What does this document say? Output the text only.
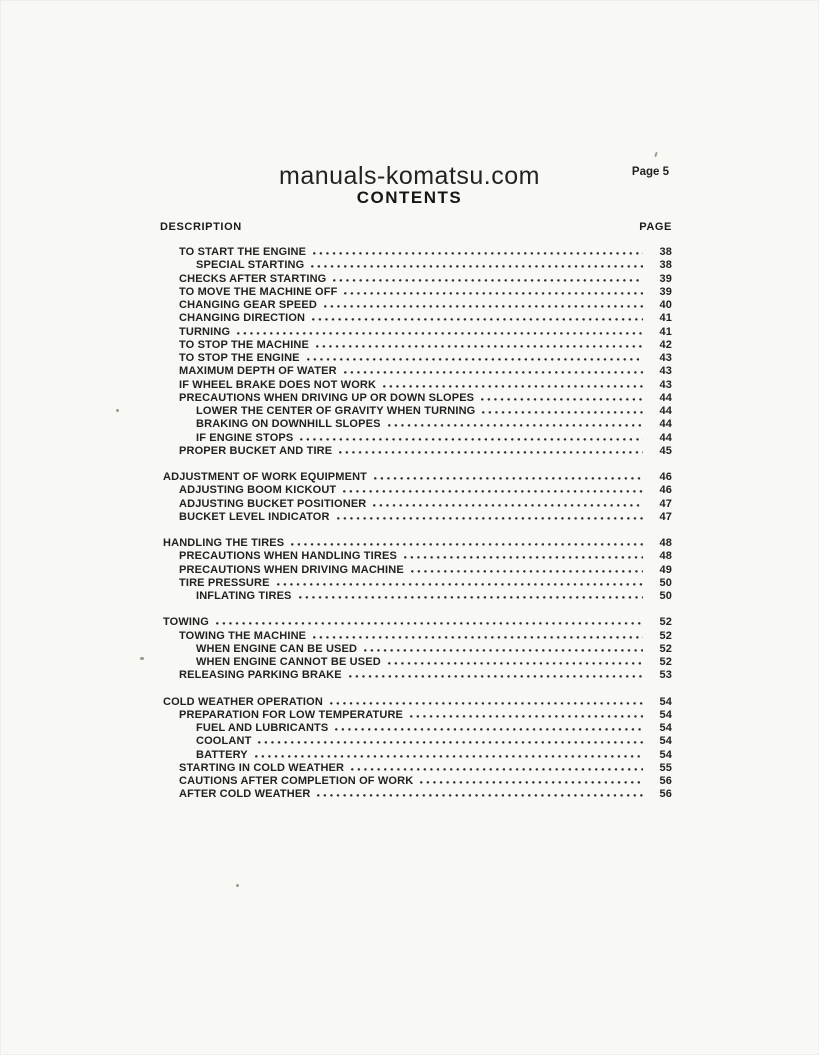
manuals-komatsu.com	Page 5
CONTENTS
DESCRIPTION	PAGE
TO START THE ENGINE	38
SPECIAL STARTING	38
CHECKS AFTER STARTING	39
TO MOVE THE MACHINE OFF	39
CHANGING GEAR SPEED	40
CHANGING DIRECTION	41
TURNING	41
TO STOP THE MACHINE	42
TO STOP THE ENGINE	43
MAXIMUM DEPTH OF WATER	43
IF WHEEL BRAKE DOES NOT WORK	43
PRECAUTIONS WHEN DRIVING UP OR DOWN SLOPES	44
LOWER THE CENTER OF GRAVITY WHEN TURNING	44
BRAKING ON DOWNHILL SLOPES	44
IF ENGINE STOPS	44
PROPER BUCKET AND TIRE	45
ADJUSTMENT OF WORK EQUIPMENT	46
ADJUSTING BOOM KICKOUT	46
ADJUSTING BUCKET POSITIONER	47
BUCKET LEVEL INDICATOR	47
HANDLING THE TIRES	48
PRECAUTIONS WHEN HANDLING TIRES	48
PRECAUTIONS WHEN DRIVING MACHINE	49
TIRE PRESSURE	50
INFLATING TIRES	50
TOWING	52
TOWING THE MACHINE	52
WHEN ENGINE CAN BE USED	52
WHEN ENGINE CANNOT BE USED	52
RELEASING PARKING BRAKE	53
COLD WEATHER OPERATION	54
PREPARATION FOR LOW TEMPERATURE	54
FUEL AND LUBRICANTS	54
COOLANT	54
BATTERY	54
STARTING IN COLD WEATHER	55
CAUTIONS AFTER COMPLETION OF WORK	56
AFTER COLD WEATHER	56
